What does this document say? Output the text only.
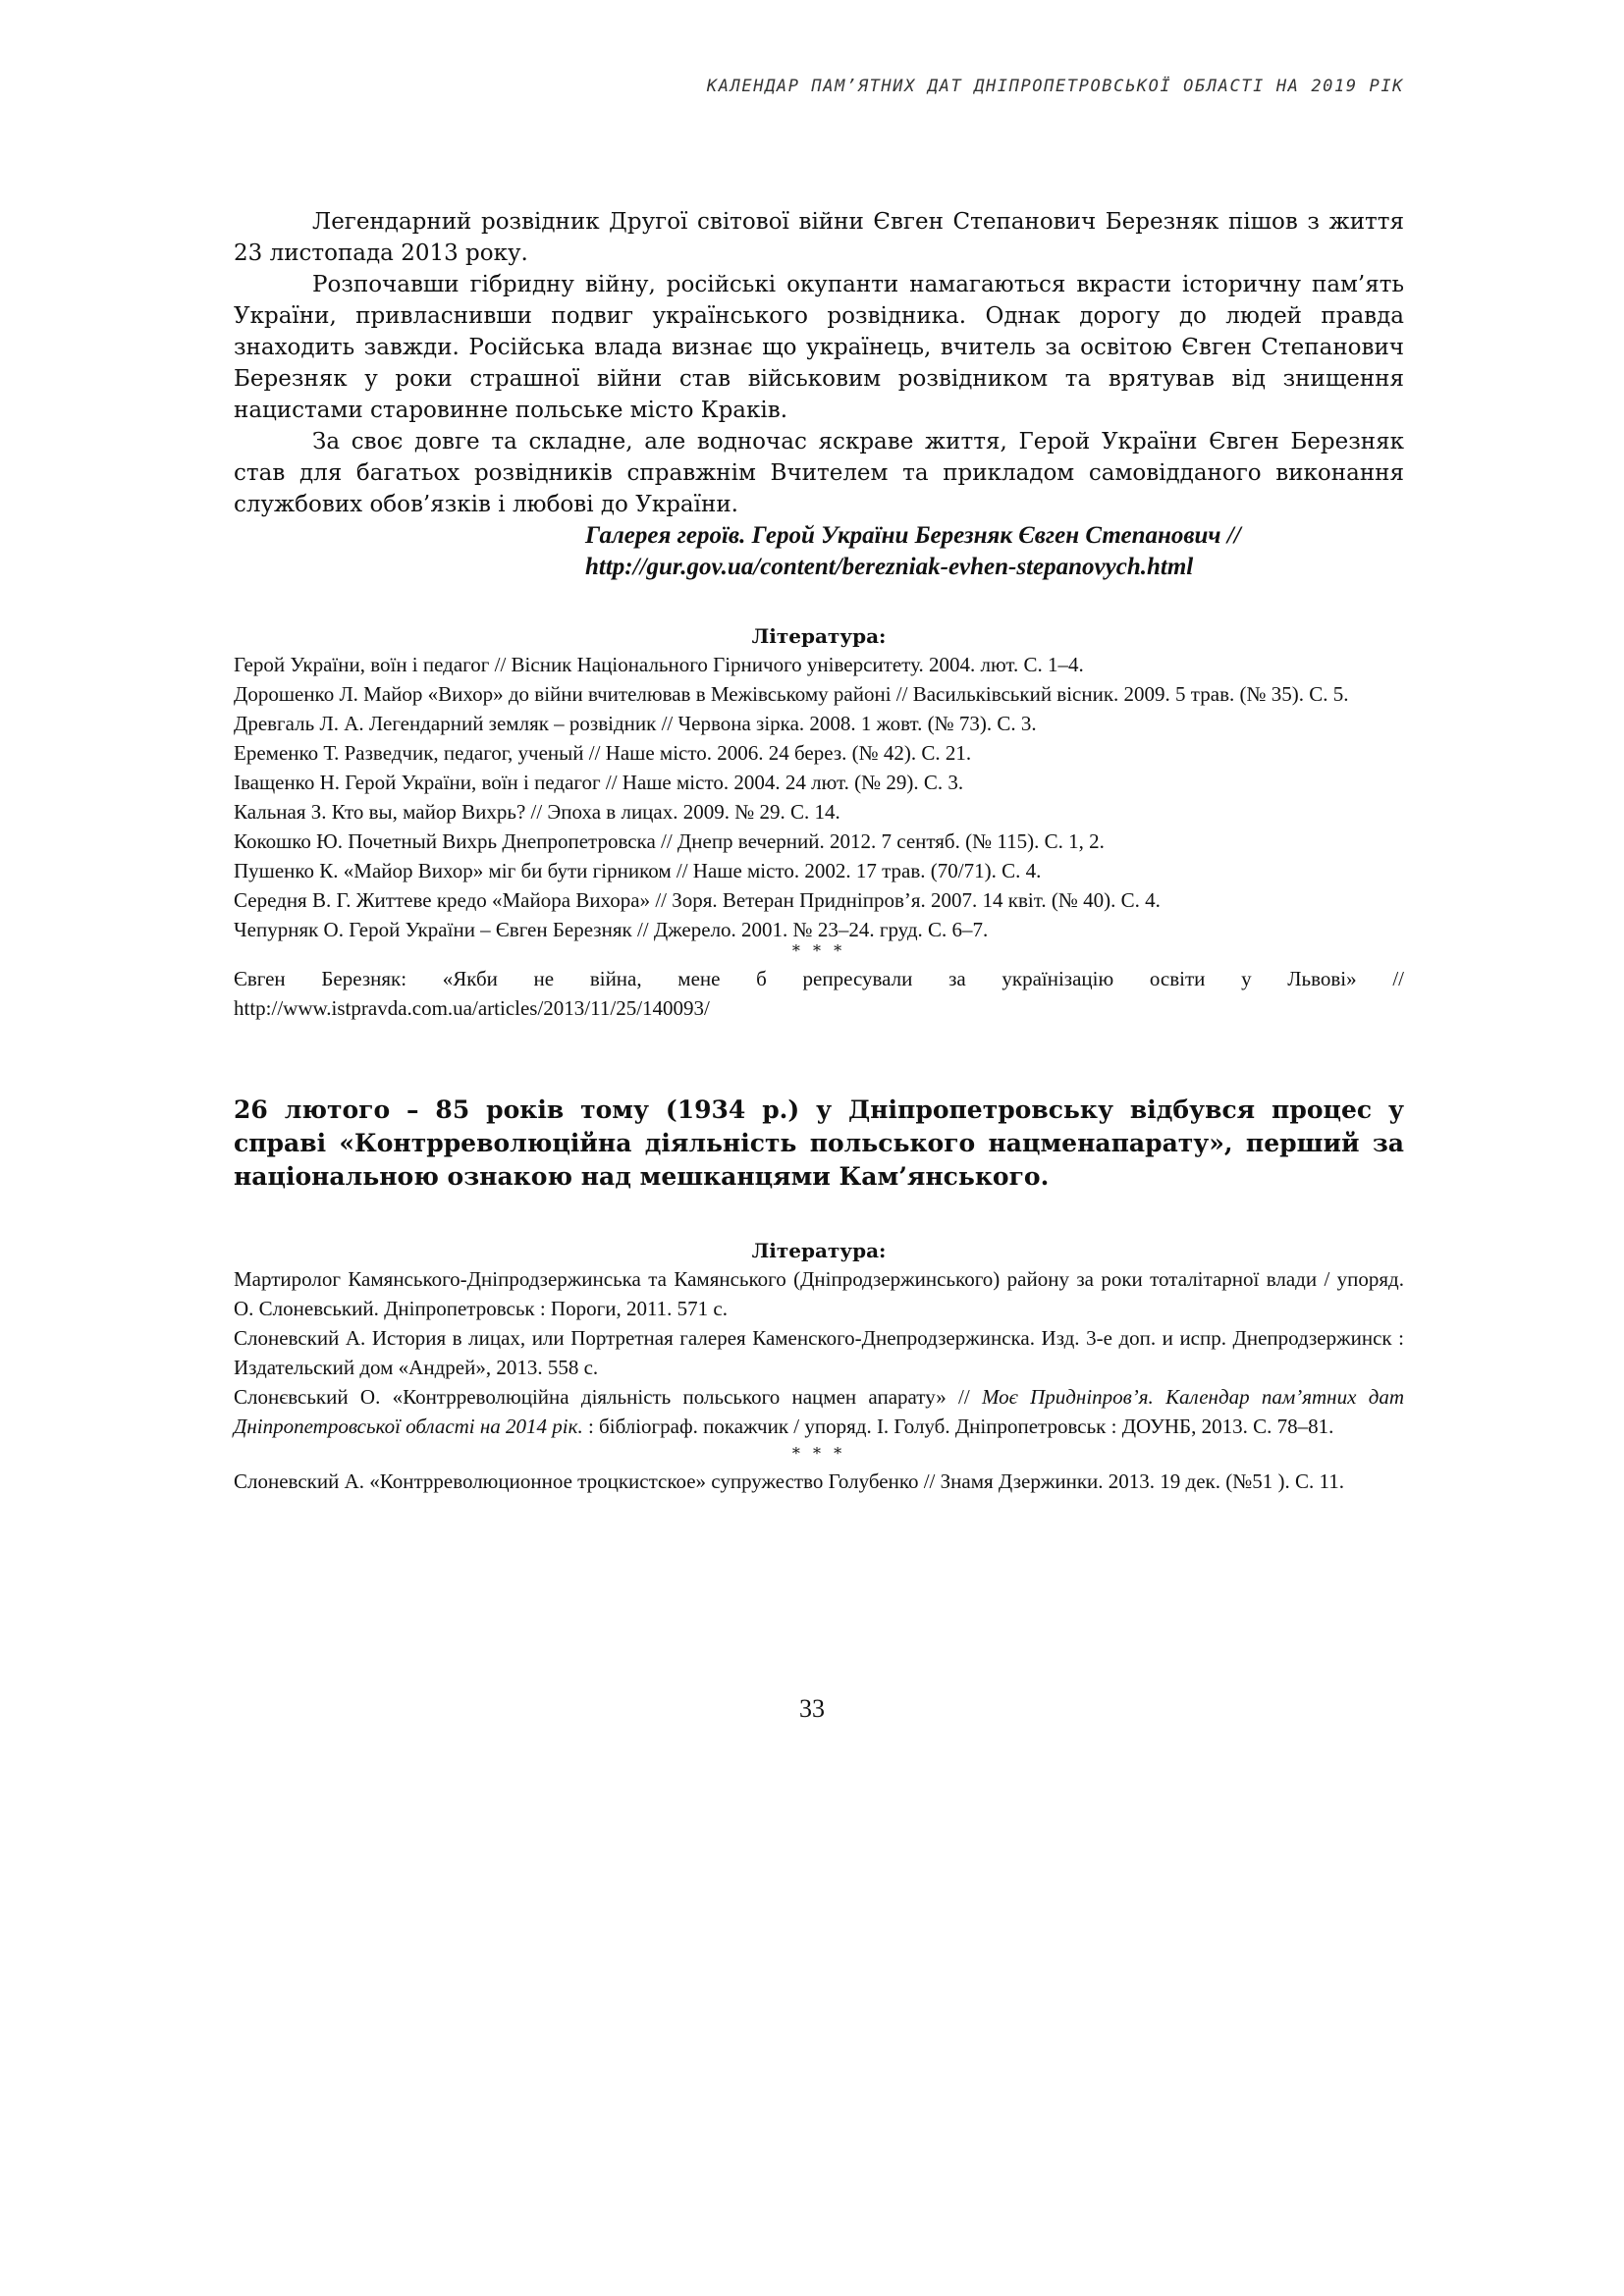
КАЛЕНДАР ПАМ’ЯТНИХ ДАТ ДНІПРОПЕТРОВСЬКОЇ ОБЛАСТІ НА 2019 РІК

Легендарний розвідник Другої світової війни Євген Степанович Березняк пішов з життя 23 листопада 2013 року.

Розпочавши гібридну війну, російські окупанти намагаються вкрасти історичну пам’ять України, привласнивши подвиг українського розвідника. Однак дорогу до людей правда знаходить завжди. Російська влада визнає що українець, вчитель за освітою Євген Степанович Березняк у роки страшної війни став військовим розвідником та врятував від знищення нацистами старовинне польське місто Краків.

За своє довге та складне, але водночас яскраве життя, Герой України Євген Березняк став для багатьох розвідників справжнім Вчителем та прикладом самовідданого виконання службових обов’язків і любові до України.

Галерея героїв. Герой України Березняк Євген Степанович //
http://gur.gov.ua/content/berezniak-evhen-stepanovych.html

Література:

Герой України, воїн і педагог // Вісник Національного Гірничого університету. 2004. лют. С. 1–4.

Дорошенко Л. Майор «Вихор» до війни вчителював в Межівському районі // Васильківський вісник. 2009. 5 трав. (№ 35). С. 5.

Древгаль Л. А. Легендарний земляк – розвідник // Червона зірка. 2008. 1 жовт. (№ 73). С. 3.

Еременко Т. Разведчик, педагог, ученый // Наше місто. 2006. 24 берез. (№ 42). С. 21.

Іващенко Н. Герой України, воїн і педагог // Наше місто. 2004. 24 лют. (№ 29). С. 3.

Кальная З. Кто вы, майор Вихрь? // Эпоха в лицах. 2009. № 29. С. 14.

Кокошко Ю. Почетный Вихрь Днепропетровска // Днепр вечерний. 2012. 7 сентяб. (№ 115). С. 1, 2.

Пушенко К. «Майор Вихор» міг би бути гірником // Наше місто. 2002. 17 трав. (70/71). С. 4.

Середня В. Г. Життеве кредо «Майора Вихора» // Зоря. Ветеран Придніпров’я. 2007. 14 квіт. (№ 40). С. 4.

Чепурняк О. Герой України – Євген Березняк // Джерело. 2001. № 23–24. груд. С. 6–7.

* * *

Євген Березняк: «Якби не війна, мене б репресували за українізацію освіти у Львові» // http://www.istpravda.com.ua/articles/2013/11/25/140093/

26 лютого – 85 років тому (1934 р.) у Дніпропетровську відбувся процес у справі «Контрреволюційна діяльність польського нацменапарату», перший за національною ознакою над мешканцями Кам’янського.

Література:

Мартиролог Камянського-Дніпродзержинська та Камянського (Дніпродзержинського) району за роки тоталітарної влади / упоряд. О. Слоневський. Дніпропетровськ : Пороги, 2011. 571 с.

Слоневский А. История в лицах, или Портретная галерея Каменского-Днепродзержинска. Изд. 3-е доп. и испр. Днепродзержинск : Издательский дом «Андрей», 2013. 558 с.

Слонєвський О. «Контрреволюційна діяльність польського нацмен апарату» // Моє Придніпров’я. Календар пам’ятних дат Дніпропетровської області на 2014 рік. : бібліограф. покажчик / упоряд. І. Голуб. Дніпропетровськ : ДОУНБ, 2013. С. 78–81.

* * *

Слоневский А. «Контрреволюционное троцкистское» супружество Голубенко // Знамя Дзержинки. 2013. 19 дек. (№51 ). С. 11.

33
